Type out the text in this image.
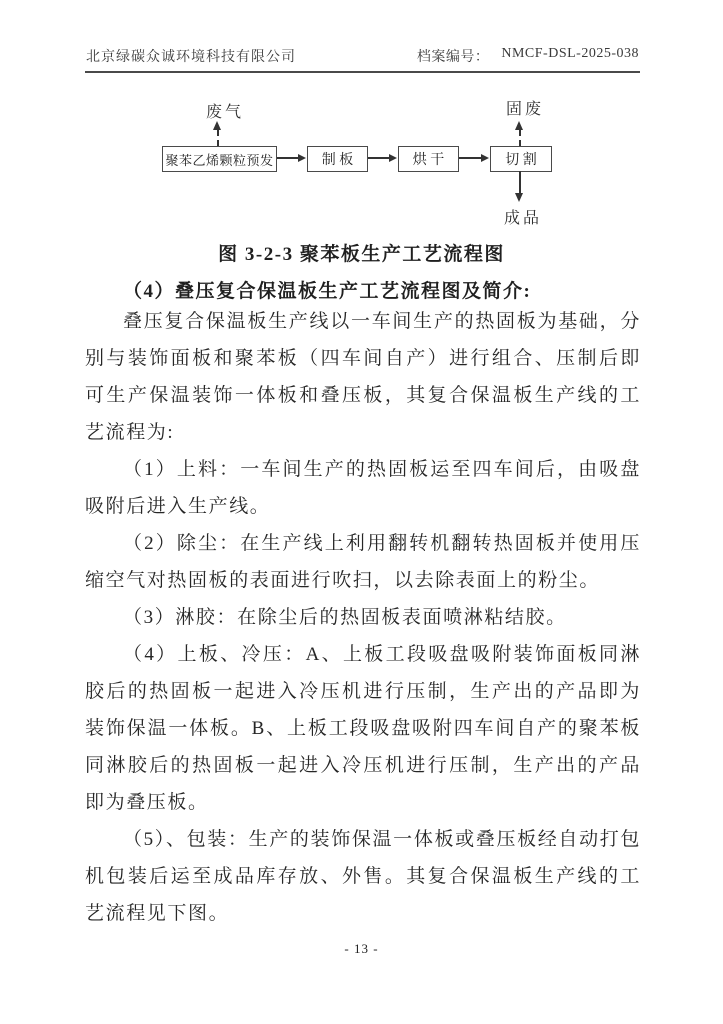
北京绿碳众诚环境科技有限公司	档案编号： NMCF-DSL-2025-038
废气	固废
成品
聚苯乙烯颗粒预发	制 板	烘 干	切 割
图 3-2-3 聚苯板生产工艺流程图
（4）叠压复合保温板生产工艺流程图及简介:

叠压复合保温板生产线以一车间生产的热固板为基础，分别与装饰面板和聚苯板（四车间自产）进行组合、压制后即可生产保温装饰一体板和叠压板，其复合保温板生产线的工艺流程为:

（1）上料：一车间生产的热固板运至四车间后，由吸盘吸附后进入生产线。

（2）除尘：在生产线上利用翻转机翻转热固板并使用压缩空气对热固板的表面进行吹扫，以去除表面上的粉尘。

（3）淋胶：在除尘后的热固板表面喷淋粘结胶。

（4）上板、冷压：A、上板工段吸盘吸附装饰面板同淋胶后的热固板一起进入冷压机进行压制，生产出的产品即为装饰保温一体板。B、上板工段吸盘吸附四车间自产的聚苯板同淋胶后的热固板一起进入冷压机进行压制，生产出的产品即为叠压板。

（5）、包装：生产的装饰保温一体板或叠压板经自动打包机包装后运至成品库存放、外售。其复合保温板生产线的工艺流程见下图。

- 13 -
